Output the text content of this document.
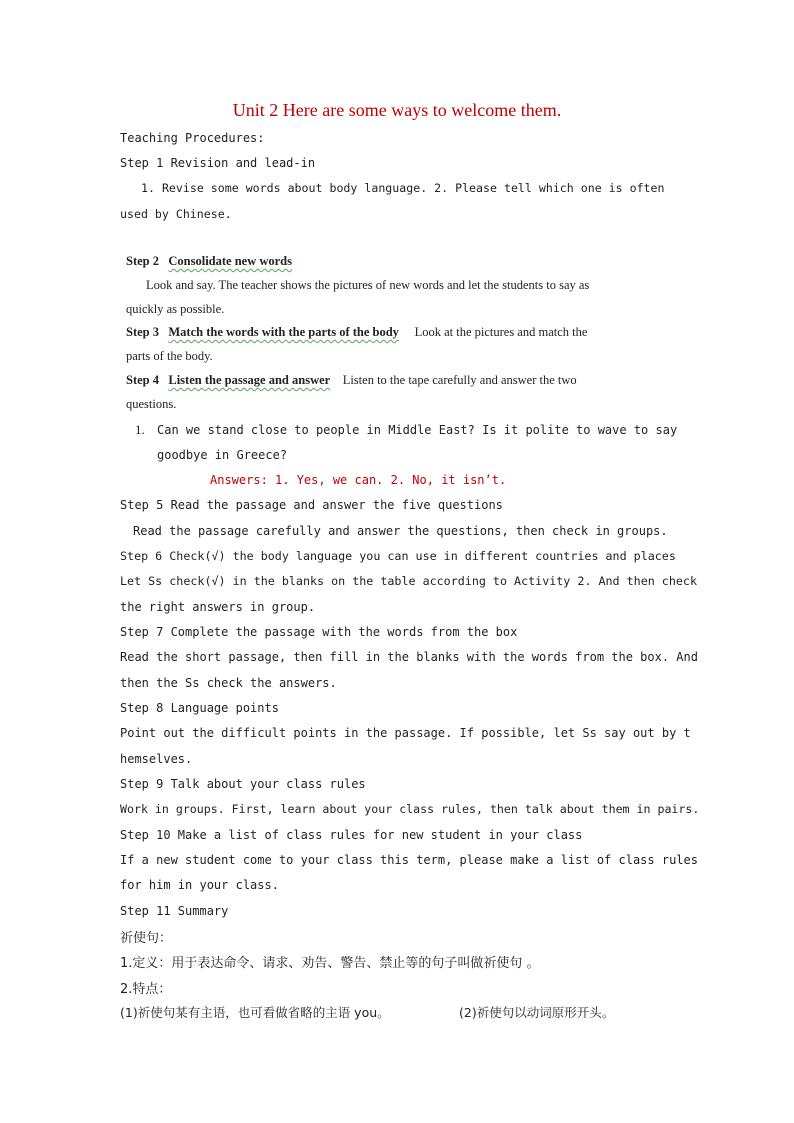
Unit 2 Here are some ways to welcome them.
Teaching Procedures:
Step 1 Revision and lead-in
1. Revise some words about body language. 2. Please tell which one is often
used by Chinese.
Step 2 Consolidate new words
Look and say. The teacher shows the pictures of new words and let the students to say as
quickly as possible.
Step 3 Match the words with the parts of the body Look at the pictures and match the
parts of the body.
Step 4 Listen the passage and answer Listen to the tape carefully and answer the two
questions.
1. Can we stand close to people in Middle East? Is it polite to wave to say
goodbye in Greece?
Answers: 1. Yes, we can. 2. No, it isn’t.
Step 5 Read the passage and answer the five questions
Read the passage carefully and answer the questions, then check in groups.
Step 6 Check(√) the body language you can use in different countries and places
Let Ss check(√) in the blanks on the table according to Activity 2. And then check
the right answers in group.
Step 7 Complete the passage with the words from the box
Read the short passage, then fill in the blanks with the words from the box. And
then the Ss check the answers.
Step 8 Language points
Point out the difficult points in the passage. If possible, let Ss say out by t
hemselves.
Step 9 Talk about your class rules
Work in groups. First, learn about your class rules, then talk about them in pairs.
Step 10 Make a list of class rules for new student in your class
If a new student come to your class this term, please make a list of class rules
for him in your class.
Step 11 Summary
祈使句：
1.定义：用于表达命令、请求、劝告、警告、禁止等的句子叫做祈使句 。
2.特点：
(1)祈使句某有主语，也可看做省略的主语 you。	(2)祈使句以动词原形开头。
